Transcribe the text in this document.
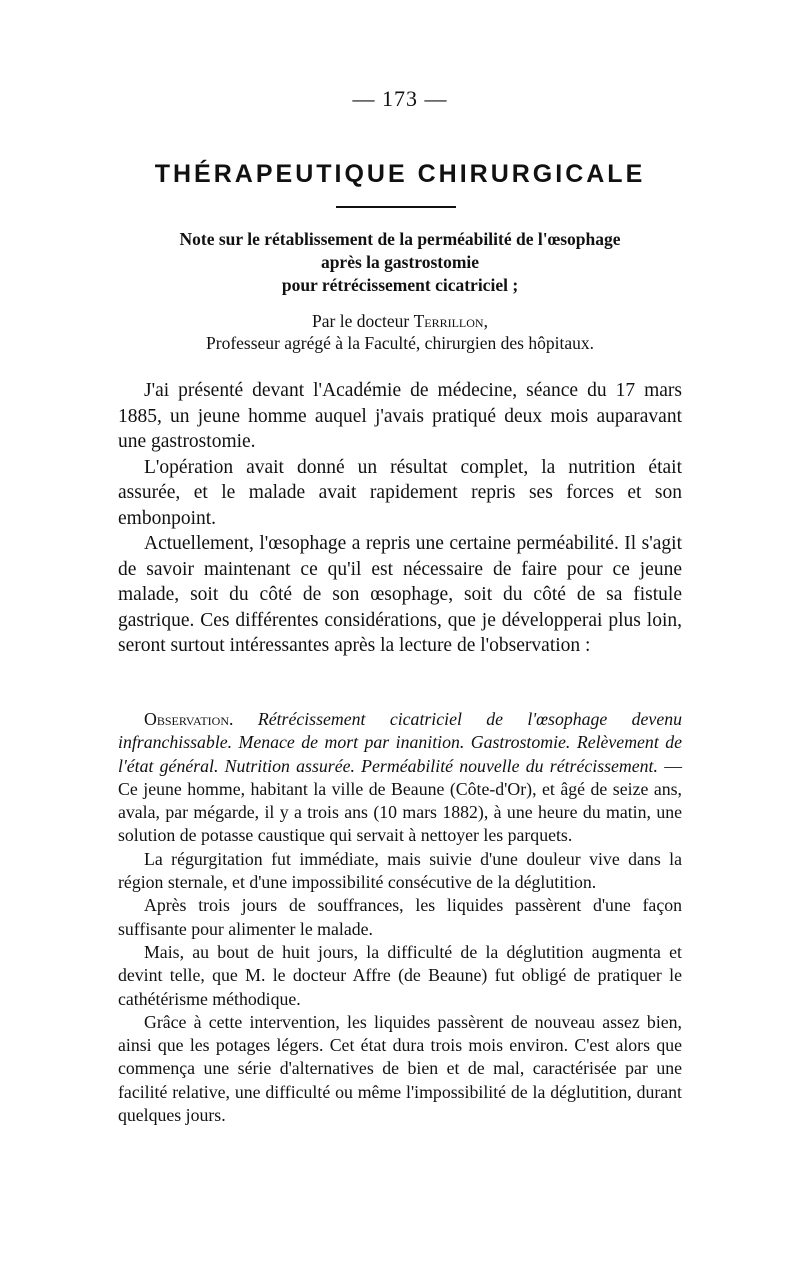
— 173 —
THÉRAPEUTIQUE CHIRURGICALE
Note sur le rétablissement de la perméabilité de l'œsophage
après la gastrostomie
pour rétrécissement cicatriciel ;
Par le docteur Terrillon,
Professeur agrégé à la Faculté, chirurgien des hôpitaux.

J'ai présenté devant l'Académie de médecine, séance du 17 mars 1885, un jeune homme auquel j'avais pratiqué deux mois auparavant une gastrostomie.

L'opération avait donné un résultat complet, la nutrition était assurée, et le malade avait rapidement repris ses forces et son embonpoint.

Actuellement, l'œsophage a repris une certaine perméabilité. Il s'agit de savoir maintenant ce qu'il est nécessaire de faire pour ce jeune malade, soit du côté de son œsophage, soit du côté de sa fistule gastrique. Ces différentes considérations, que je développerai plus loin, seront surtout intéressantes après la lecture de l'observation :

Observation. Rétrécissement cicatriciel de l'œsophage devenu infranchissable. Menace de mort par inanition. Gastrostomie. Relèvement de l'état général. Nutrition assurée. Perméabilité nouvelle du rétrécissement. — Ce jeune homme, habitant la ville de Beaune (Côte-d'Or), et âgé de seize ans, avala, par mégarde, il y a trois ans (10 mars 1882), à une heure du matin, une solution de potasse caustique qui servait à nettoyer les parquets.

La régurgitation fut immédiate, mais suivie d'une douleur vive dans la région sternale, et d'une impossibilité consécutive de la déglutition.

Après trois jours de souffrances, les liquides passèrent d'une façon suffisante pour alimenter le malade.

Mais, au bout de huit jours, la difficulté de la déglutition augmenta et devint telle, que M. le docteur Affre (de Beaune) fut obligé de pratiquer le cathétérisme méthodique.

Grâce à cette intervention, les liquides passèrent de nouveau assez bien, ainsi que les potages légers. Cet état dura trois mois environ. C'est alors que commença une série d'alternatives de bien et de mal, caractérisée par une facilité relative, une difficulté ou même l'impossibilité de la déglutition, durant quelques jours.
